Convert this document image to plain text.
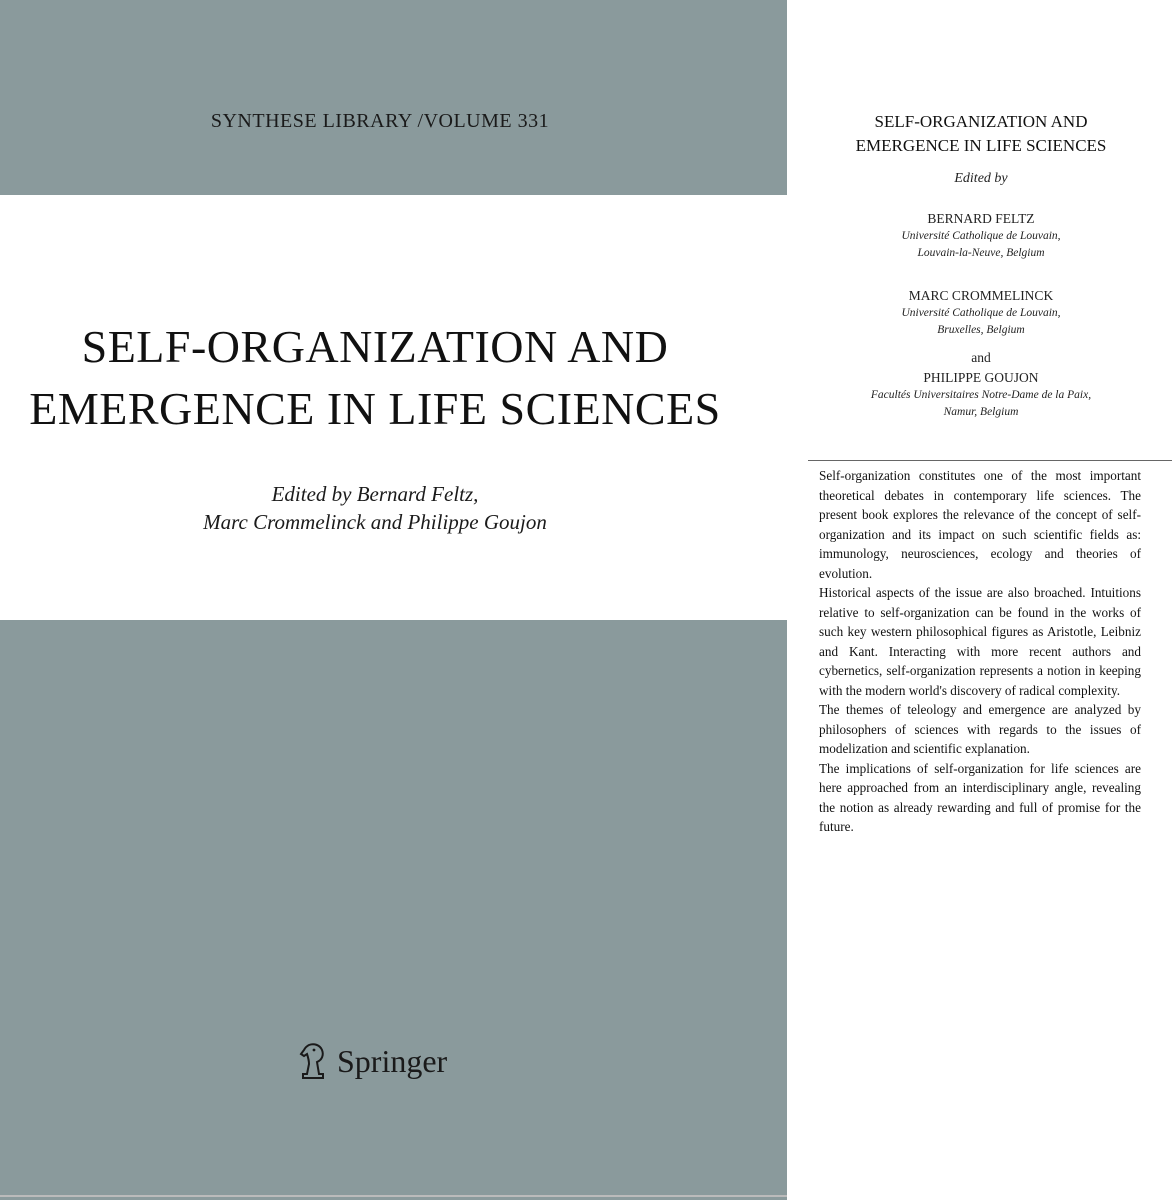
SYNTHESE LIBRARY /VOLUME 331
SELF-ORGANIZATION AND
EMERGENCE IN LIFE SCIENCES
Edited by Bernard Feltz,
Marc Crommelinck and Philippe Goujon
Springer
SELF-ORGANIZATION AND
EMERGENCE IN LIFE SCIENCES
Edited by
BERNARD FELTZ
Université Catholique de Louvain,
Louvain-la-Neuve, Belgium
MARC CROMMELINCK
Université Catholique de Louvain,
Bruxelles, Belgium
and
PHILIPPE GOUJON
Facultés Universitaires Notre-Dame de la Paix,
Namur, Belgium

Self-organization constitutes one of the most important theoretical debates in contemporary life sciences. The present book explores the relevance of the concept of self-organization and its impact on such scientific fields as: immunology, neurosciences, ecology and theories of evolution.

Historical aspects of the issue are also broached. Intuitions relative to self-organization can be found in the works of such key western philosophical figures as Aristotle, Leibniz and Kant. Interacting with more recent authors and cybernetics, self-organization represents a notion in keeping with the modern world's discovery of radical complexity.

The themes of teleology and emergence are analyzed by philosophers of sciences with regards to the issues of modelization and scientific explanation.

The implications of self-organization for life sciences are here approached from an interdisciplinary angle, revealing the notion as already rewarding and full of promise for the future.
